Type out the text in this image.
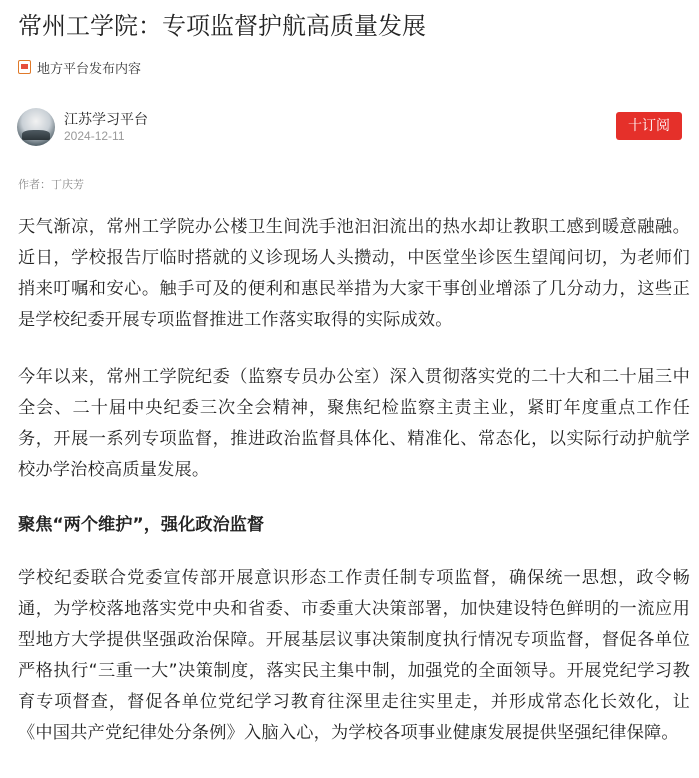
常州工学院：专项监督护航高质量发展
地方平台发布内容
江苏学习平台
2024-12-11
十订阅
作者：丁庆芳

天气渐凉，常州工学院办公楼卫生间洗手池汩汩流出的热水却让教职工感到暖意融融。近日，学校报告厅临时搭就的义诊现场人头攒动，中医堂坐诊医生望闻问切，为老师们捎来叮嘱和安心。触手可及的便利和惠民举措为大家干事创业增添了几分动力，这些正是学校纪委开展专项监督推进工作落实取得的实际成效。

今年以来，常州工学院纪委（监察专员办公室）深入贯彻落实党的二十大和二十届三中全会、二十届中央纪委三次全会精神，聚焦纪检监察主责主业，紧盯年度重点工作任务，开展一系列专项监督，推进政治监督具体化、精准化、常态化，以实际行动护航学校办学治校高质量发展。

聚焦“两个维护”，强化政治监督

学校纪委联合党委宣传部开展意识形态工作责任制专项监督，确保统一思想，政令畅通，为学校落地落实党中央和省委、市委重大决策部署，加快建设特色鲜明的一流应用型地方大学提供坚强政治保障。开展基层议事决策制度执行情况专项监督，督促各单位严格执行“三重一大”决策制度，落实民主集中制，加强党的全面领导。开展党纪学习教育专项督查，督促各单位党纪学习教育往深里走往实里走，并形成常态化长效化，让《中国共产党纪律处分条例》入脑入心，为学校各项事业健康发展提供坚强纪律保障。
